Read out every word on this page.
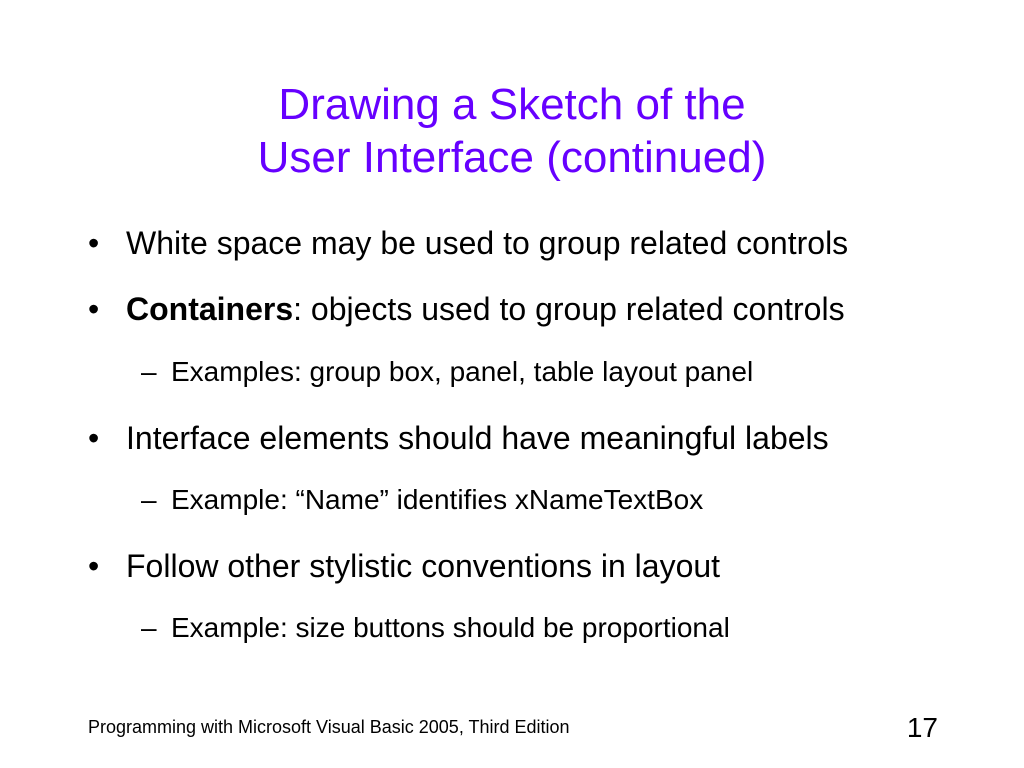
Drawing a Sketch of the
User Interface (continued)
• White space may be used to group related controls
• Containers: objects used to group related controls
– Examples: group box, panel, table layout panel
• Interface elements should have meaningful labels
– Example: “Name” identifies xNameTextBox
• Follow other stylistic conventions in layout
– Example: size buttons should be proportional
Programming with Microsoft Visual Basic 2005, Third Edition	17
